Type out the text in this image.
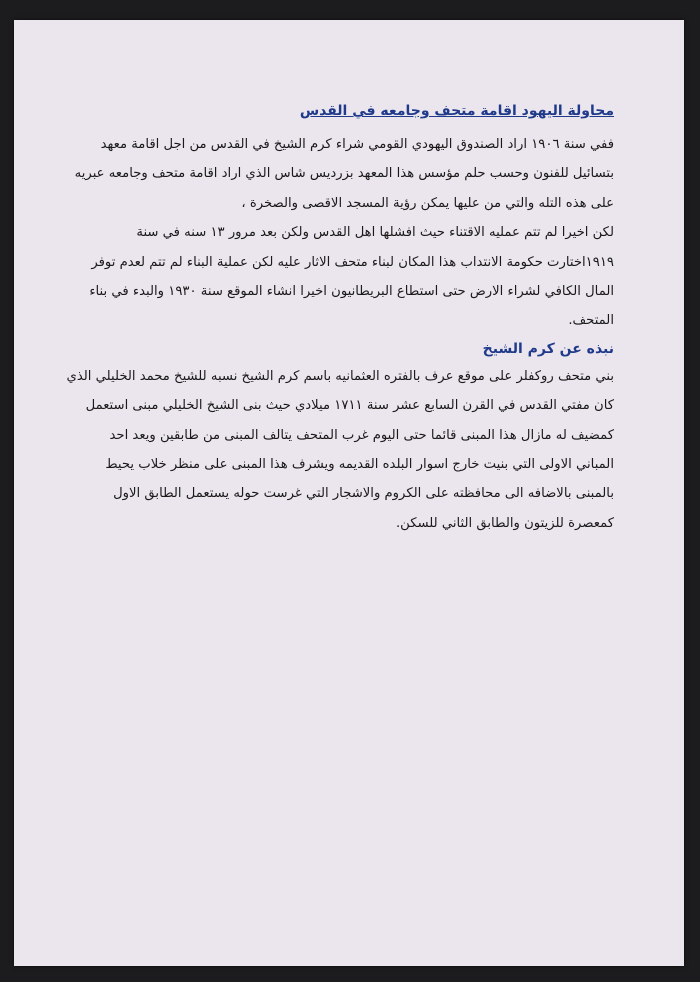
محاولة اليهود اقامة متحف وجامعه في القدس

ففي سنة ١٩٠٦ اراد الصندوق اليهودي القومي شراء كرم الشيخ في القدس من اجل اقامة معهد

بتسائيل للفنون وحسب حلم مؤسس هذا المعهد بزرديس شاس الذي اراد اقامة متحف وجامعه عبريه

على هذه التله والتي من عليها يمكن رؤية المسجد الاقصى والصخرة ،

لكن اخيرا لم تتم عمليه الاقتناء حيث افشلها اهل القدس ولكن بعد مرور ١٣ سنه في سنة

١٩١٩اختارت حكومة الانتداب هذا المكان لبناء متحف الاثار عليه لكن عملية البناء لم تتم لعدم توفر

المال الكافي لشراء الارض حتى استطاع البريطانيون اخيرا انشاء الموقع سنة ١٩٣٠ والبدء في بناء

المتحف.

نبذه عن كرم الشيخ

بني متحف روكفلر على موقع عرف بالفتره العثمانيه باسم كرم الشيخ نسبه للشيخ محمد الخليلي الذي

كان مفتي القدس في القرن السابع عشر سنة ١٧١١ ميلادي حيث بنى الشيخ الخليلي مبنى استعمل

كمضيف له مازال هذا المبنى قائما حتى اليوم غرب المتحف يتالف المبنى من طابقين ويعد احد

المباني الاولى التي بنيت خارج اسوار البلده القديمه ويشرف هذا المبنى على منظر خلاب يحيط

بالمبنى بالاضافه الى محافظته على الكروم والاشجار التي غرست حوله يستعمل الطابق الاول

كمعصرة للزيتون والطابق الثاني للسكن.
